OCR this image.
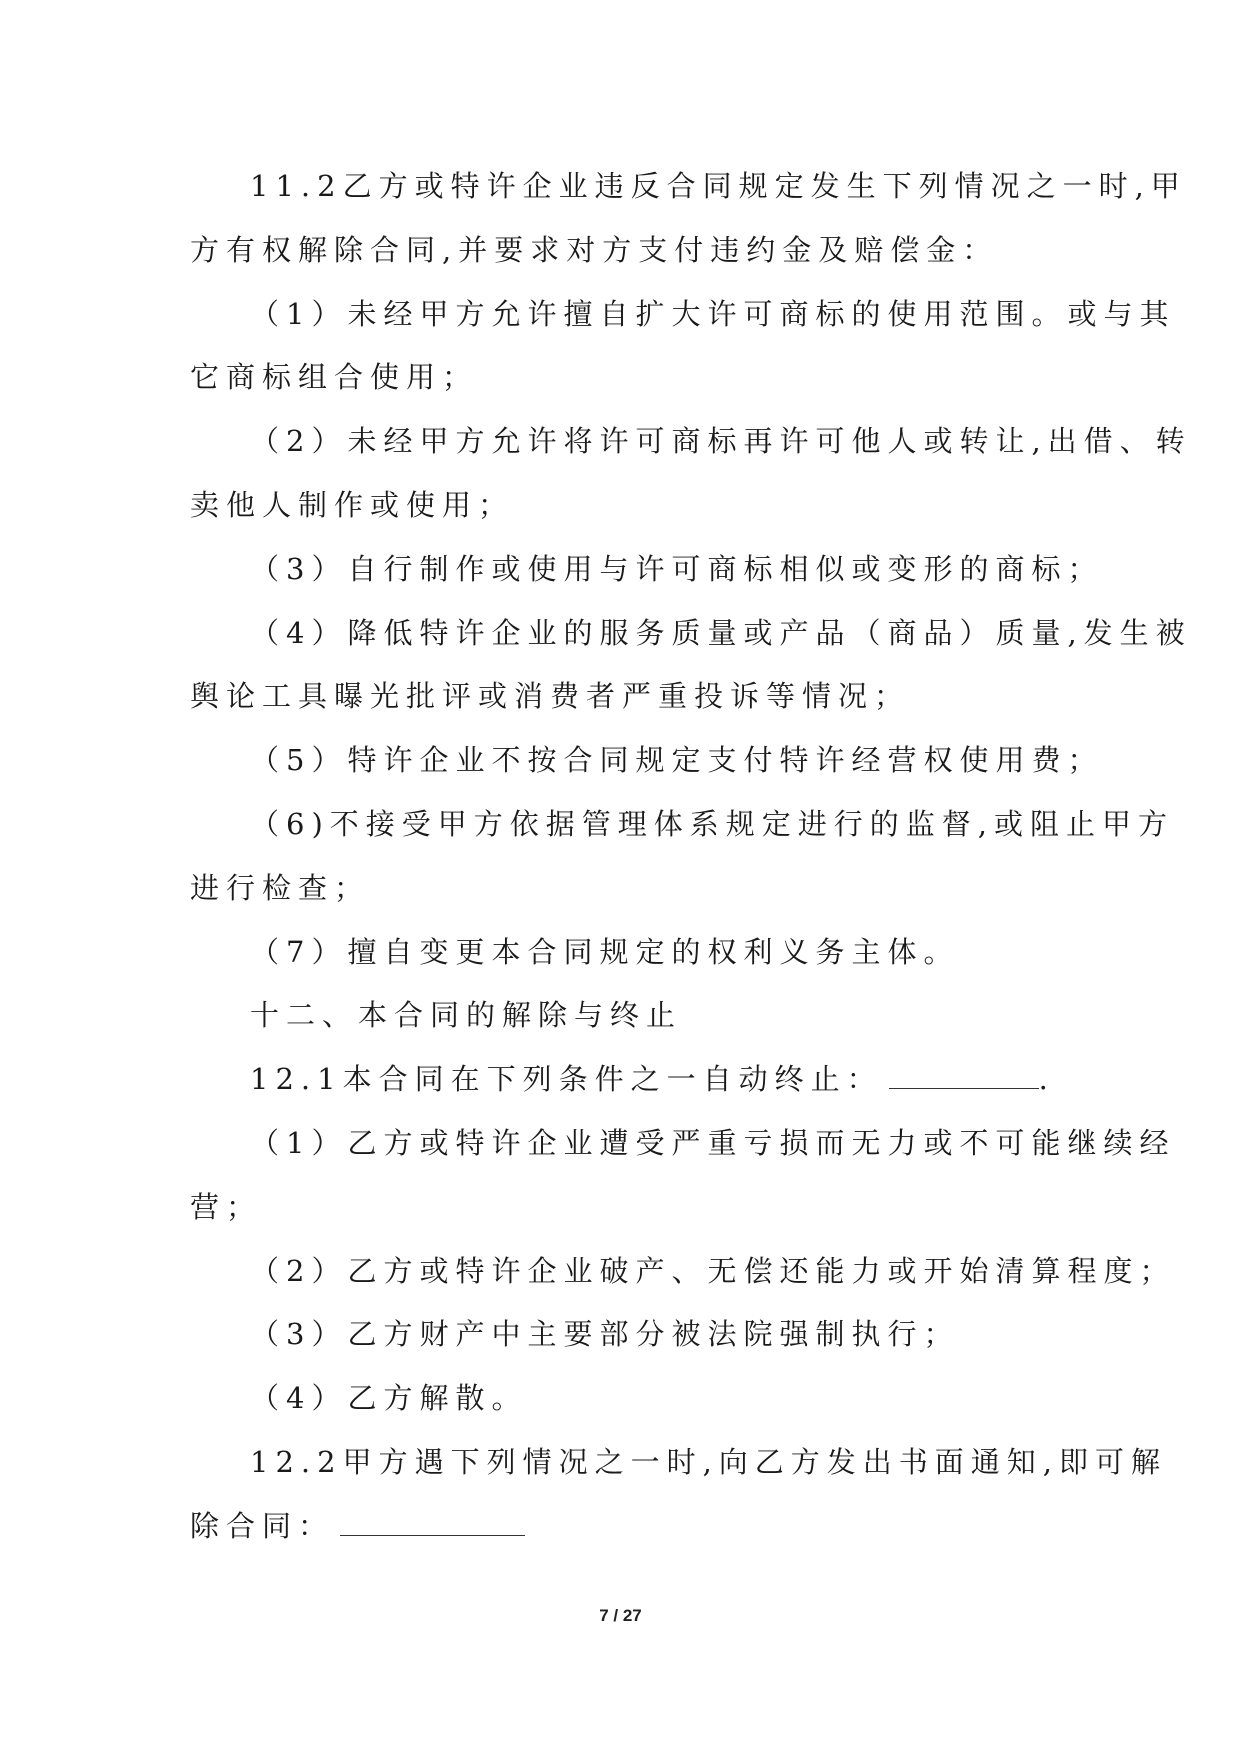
11.2乙方或特许企业违反合同规定发生下列情况之一时,甲
方有权解除合同,并要求对方支付违约金及赔偿金：
（1）未经甲方允许擅自扩大许可商标的使用范围。或与其
它商标组合使用；
（2）未经甲方允许将许可商标再许可他人或转让,出借、转
卖他人制作或使用；
（3）自行制作或使用与许可商标相似或变形的商标；
（4）降低特许企业的服务质量或产品（商品）质量,发生被
舆论工具曝光批评或消费者严重投诉等情况；
（5）特许企业不按合同规定支付特许经营权使用费；
（6)不接受甲方依据管理体系规定进行的监督,或阻止甲方
进行检查；
（7）擅自变更本合同规定的权利义务主体。
十二、本合同的解除与终止
12.1本合同在下列条件之一自动终止：	.
（1）乙方或特许企业遭受严重亏损而无力或不可能继续经
营；
（2）乙方或特许企业破产、无偿还能力或开始清算程度；
（3）乙方财产中主要部分被法院强制执行；
（4）乙方解散。
12.2甲方遇下列情况之一时,向乙方发出书面通知,即可解
除合同：
7 / 27
